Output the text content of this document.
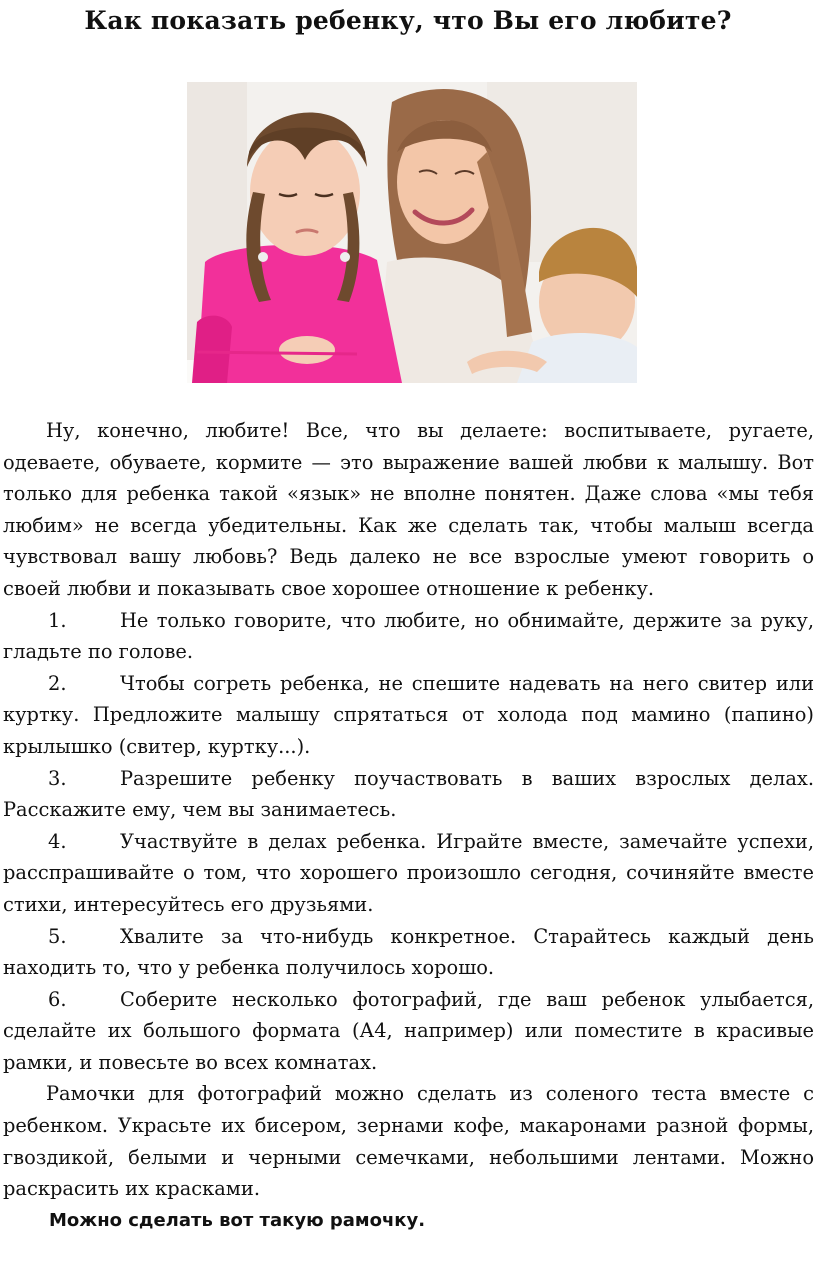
Как показать ребенку, что Вы его любите?

Ну, конечно, любите! Все, что вы делаете: воспитываете, ругаете, одеваете, обуваете, кормите — это выражение вашей любви к малышу. Вот только для ребенка такой «язык» не вполне понятен. Даже слова «мы тебя любим» не всегда убедительны. Как же сделать так, чтобы малыш всегда чувствовал вашу любовь? Ведь далеко не все взрослые умеют говорить о своей любви и показывать свое хорошее отношение к ребенку.

1.	Не только говорите, что любите, но обнимайте, держите за руку, гладьте по голове.

2.	Чтобы согреть ребенка, не спешите надевать на него свитер или куртку. Предложите малышу спрятаться от холода под мамино (папино) крылышко (свитер, куртку...).

3.	Разрешите ребенку поучаствовать в ваших взрослых делах. Расскажите ему, чем вы занимаетесь.

4.	Участвуйте в делах ребенка. Играйте вместе, замечайте успехи, расспрашивайте о том, что хорошего произошло сегодня, сочиняйте вместе стихи, интересуйтесь его друзьями.

5.	Хвалите за что-нибудь конкретное. Старайтесь каждый день находить то, что у ребенка получилось хорошо.

6.	Соберите несколько фотографий, где ваш ребенок улыбается, сделайте их большого формата (А4, например) или поместите в красивые рамки, и повесьте во всех комнатах.

Рамочки для фотографий можно сделать из соленого теста вместе с ребенком. Украсьте их бисером, зернами кофе, макаронами разной формы, гвоздикой, белыми и черными семечками, небольшими лентами. Можно раскрасить их красками.

Можно сделать вот такую рамочку.
